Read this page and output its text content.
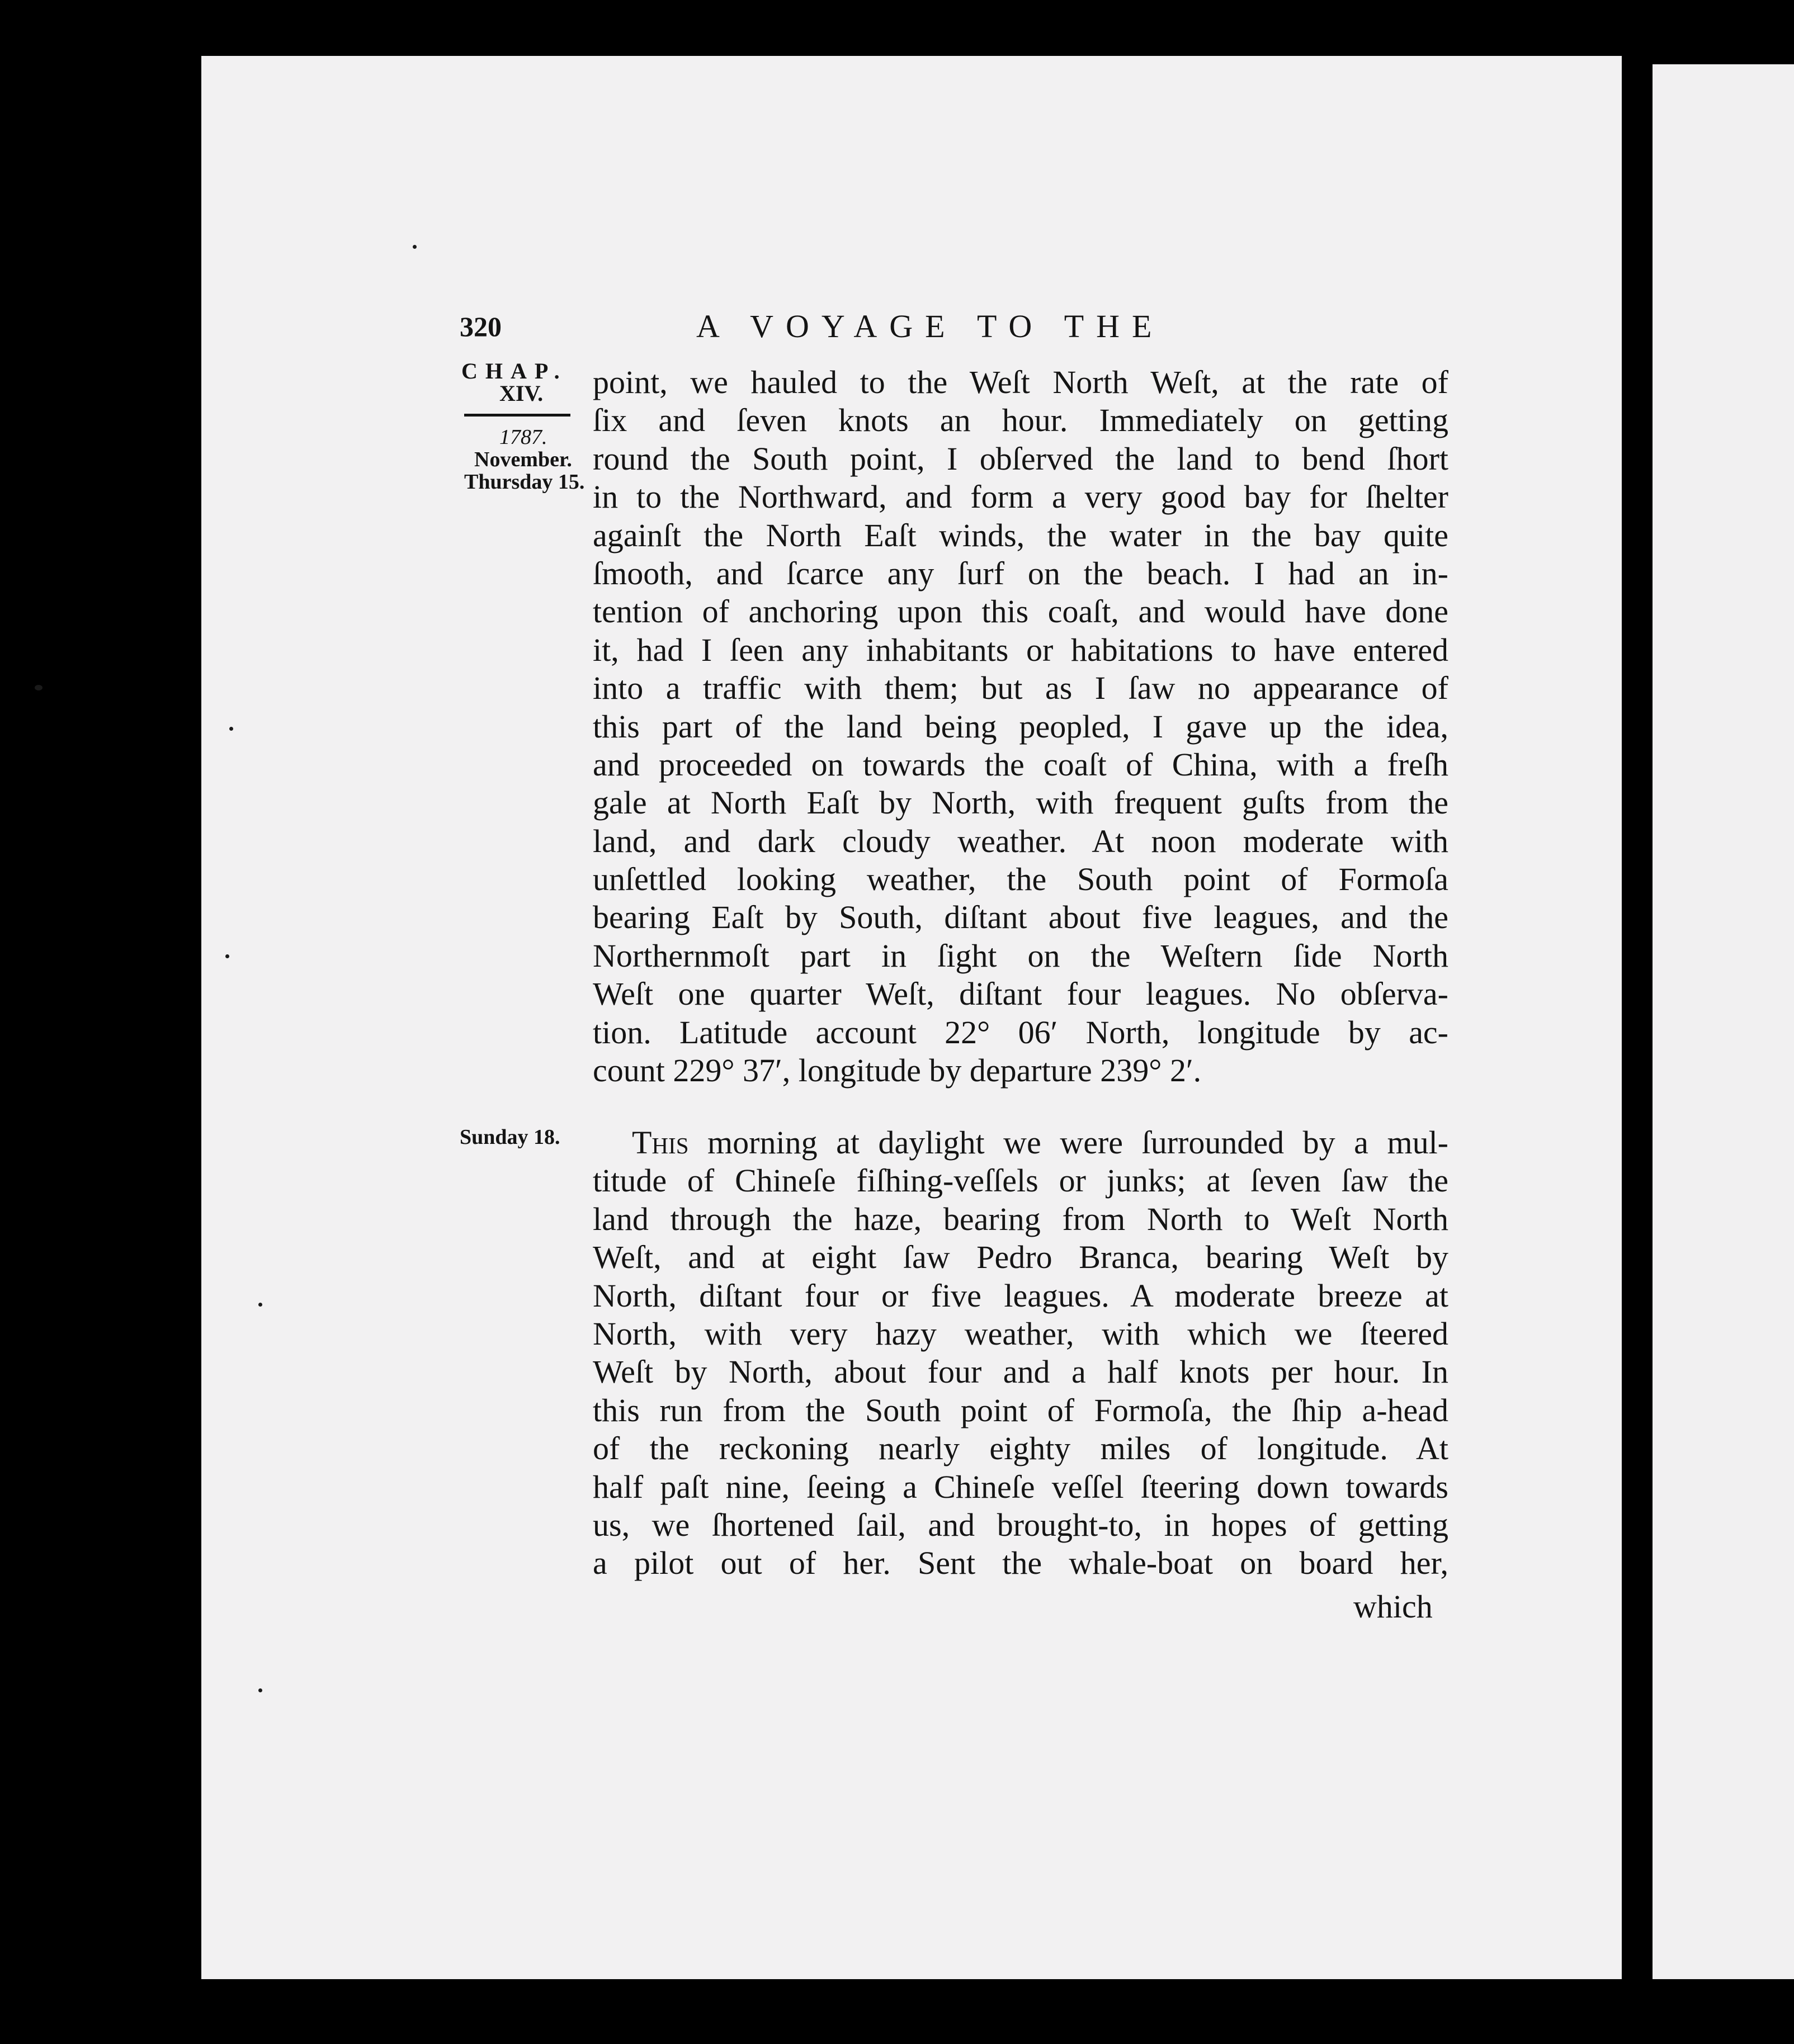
320	A VOYAGE TO THE
CHAP.
XIV.
1787.
November.
Thursday 15.
Sunday 18.
point, we hauled to the Weſt North Weſt, at the rate of
ſix and ſeven knots an hour. Immediately on getting
round the South point, I obſerved the land to bend ſhort
in to the Northward, and form a very good bay for ſhelter
againſt the North Eaſt winds, the water in the bay quite
ſmooth, and ſcarce any ſurf on the beach. I had an in-
tention of anchoring upon this coaſt, and would have done
it, had I ſeen any inhabitants or habitations to have entered
into a traffic with them; but as I ſaw no appearance of
this part of the land being peopled, I gave up the idea,
and proceeded on towards the coaſt of China, with a freſh
gale at North Eaſt by North, with frequent guſts from the
land, and dark cloudy weather. At noon moderate with
unſettled looking weather, the South point of Formoſa
bearing Eaſt by South, diſtant about five leagues, and the
Northernmoſt part in ſight on the Weſtern ſide North
Weſt one quarter Weſt, diſtant four leagues. No obſerva-
tion. Latitude account 22° 06′ North, longitude by ac-
count 229° 37′, longitude by departure 239° 2′.
This morning at daylight we were ſurrounded by a mul-
titude of Chineſe fiſhing-veſſels or junks; at ſeven ſaw the
land through the haze, bearing from North to Weſt North
Weſt, and at eight ſaw Pedro Branca, bearing Weſt by
North, diſtant four or five leagues. A moderate breeze at
North, with very hazy weather, with which we ſteered
Weſt by North, about four and a half knots per hour. In
this run from the South point of Formoſa, the ſhip a-head
of the reckoning nearly eighty miles of longitude. At
half paſt nine, ſeeing a Chineſe veſſel ſteering down towards
us, we ſhortened ſail, and brought-to, in hopes of getting
a pilot out of her. Sent the whale-boat on board her,
which
